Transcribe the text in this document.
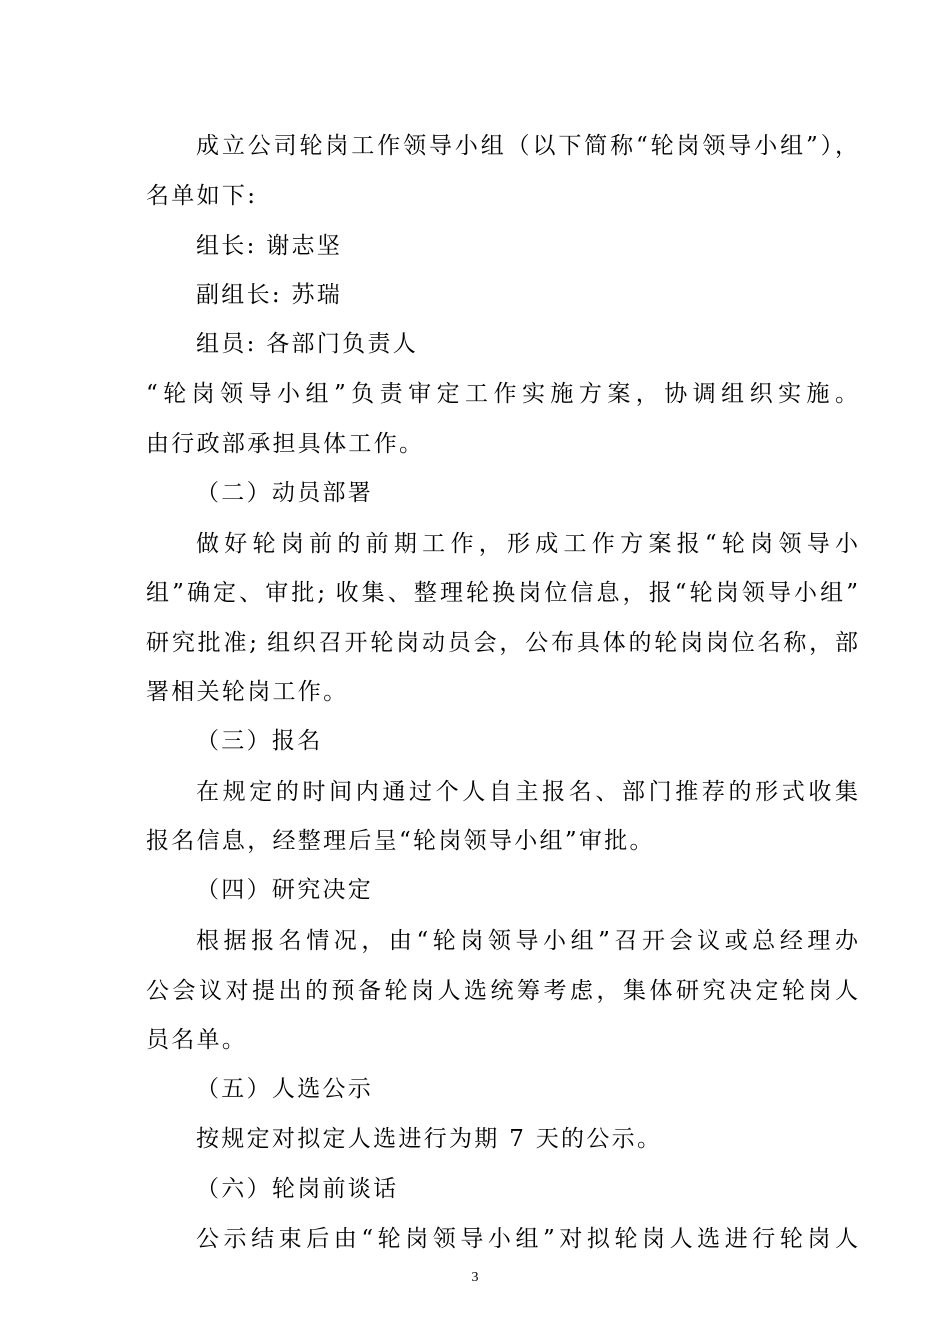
成立公司轮岗工作领导小组（以下简称“轮岗领导小组”），
名单如下:
组长: 谢志坚
副组长: 苏瑞
组员: 各部门负责人
“轮岗领导小组”负责审定工作实施方案，协调组织实施。
由行政部承担具体工作。
（二）动员部署
做好轮岗前的前期工作，形成工作方案报“轮岗领导小
组”确定、审批; 收集、整理轮换岗位信息，报“轮岗领导小组”
研究批准; 组织召开轮岗动员会，公布具体的轮岗岗位名称，部
署相关轮岗工作。
（三）报名
在规定的时间内通过个人自主报名、部门推荐的形式收集
报名信息，经整理后呈“轮岗领导小组”审批。
（四）研究决定
根据报名情况，由“轮岗领导小组”召开会议或总经理办
公会议对提出的预备轮岗人选统筹考虑，集体研究决定轮岗人
员名单。
（五）人选公示
按规定对拟定人选进行为期 7 天的公示。
（六）轮岗前谈话
公示结束后由“轮岗领导小组”对拟轮岗人选进行轮岗人
3
